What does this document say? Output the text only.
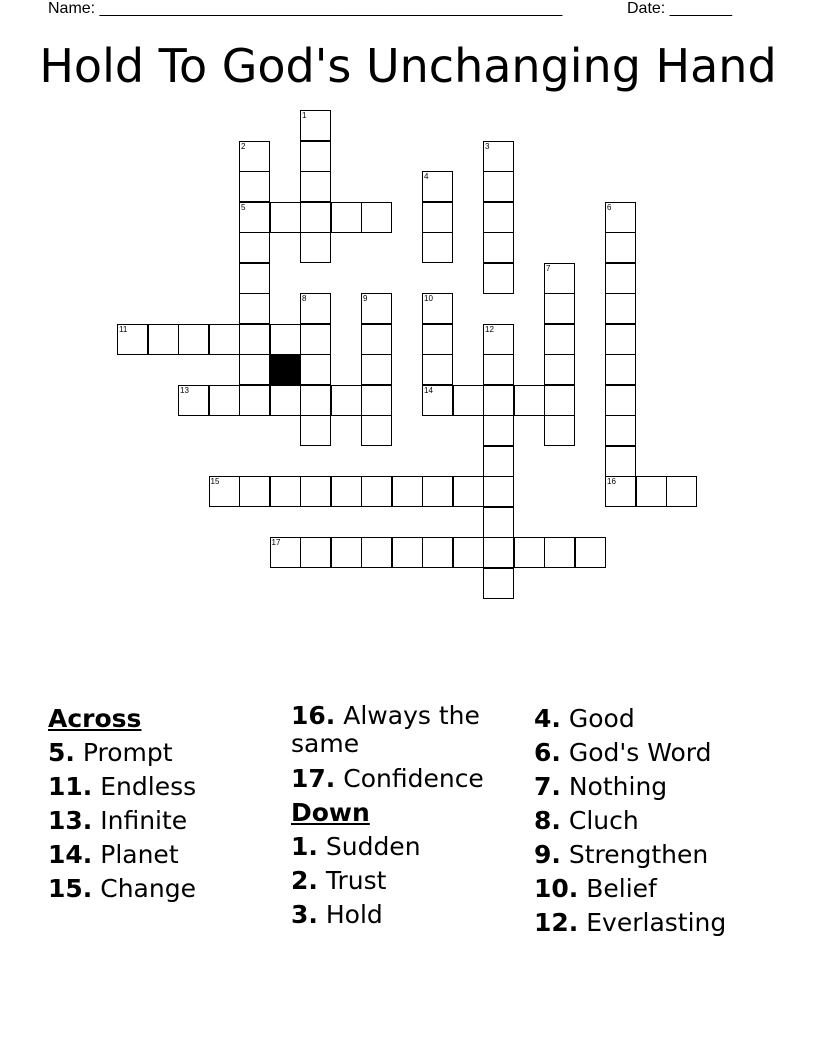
Name: ____________________________________________________	Date: _______
Hold To God's Unchanging Hand
1
2	3
4
5	6
7
8	9	10
11	12
13	14
15	16
17
Across
5. Prompt
11. Endless
13. Infinite
14. Planet
15. Change
16. Always the same
17. Confidence
Down
1. Sudden
2. Trust
3. Hold
4. Good
6. God's Word
7. Nothing
8. Cluch
9. Strengthen
10. Belief
12. Everlasting
